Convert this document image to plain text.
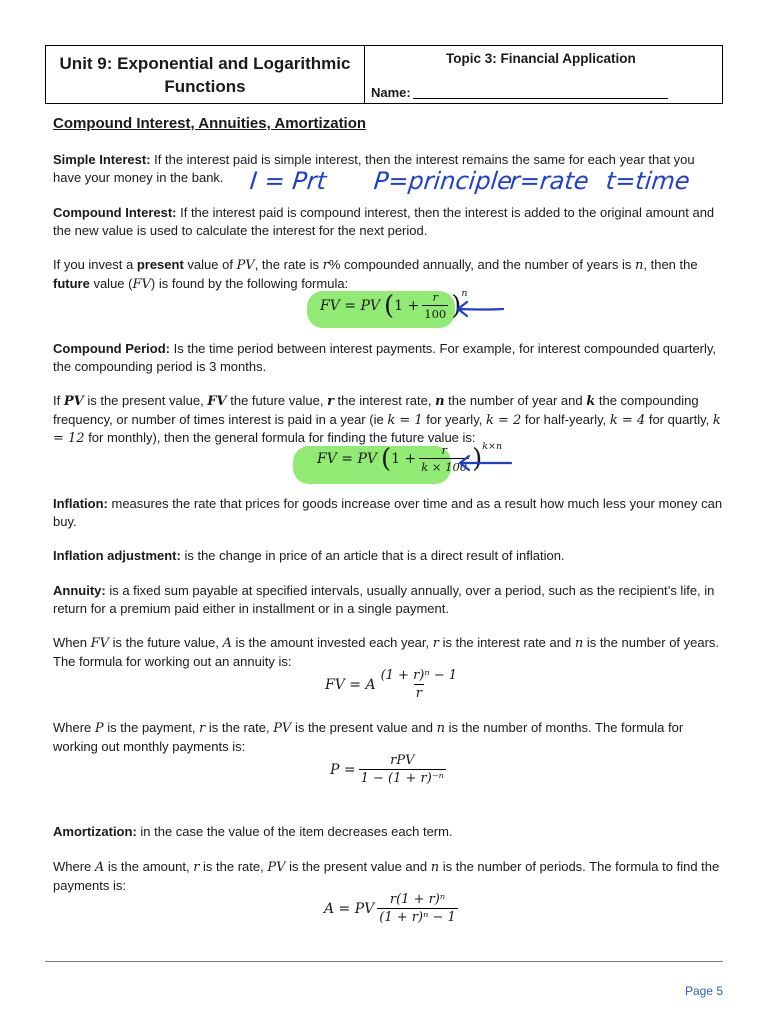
Unit 9: Exponential and Logarithmic Functions
Topic 3: Financial Application
Name:
Compound Interest, Annuities, Amortization
Simple Interest: If the interest paid is simple interest, then the interest remains the same for each year that you have your money in the bank.	I = Prt P=principle
r=rate t=time
Compound Interest: If the interest paid is compound interest, then the interest is added to the original amount and the new value is used to calculate the interest for the next period.
If you invest a present value of PV, the rate is r% compounded annually, and the number of years is n, then the future value (FV) is found by the following formula:
FV = PV ( $1 + \frac{r}{100} )^n$
Compound Period: Is the time period between interest payments. For example, for interest compounded quarterly, the compounding period is 3 months.
If PV is the present value, FV the future value, r the interest rate, n the number of year and k the compounding frequency, or number of times interest is paid in a year (ie k = 1 for yearly, k = 2 for half-yearly, k = 4 for quartly, k = 12 for monthly), then the general formula for finding the future value is:
FV = PV ( $1 + \frac{r}{k \times 100} )^{k\times n}$
Inflation: measures the rate that prices for goods increase over time and as a result how much less your money can buy.
Inflation adjustment: is the change in price of an article that is a direct result of inflation.
Annuity: is a fixed sum payable at specified intervals, usually annually, over a period, such as the recipient’s life, in return for a premium paid either in installment or in a single payment.
When FV is the future value, A is the amount invested each year, r is the interest rate and n is the number of years. The formula for working out an annuity is:
FV = A $\frac{\text{(1 + r)ⁿ − 1}}{r}$
Where P is the payment, r is the rate, PV is the present value and n is the number of months. The formula for working out monthly payments is:
$P = \frac{\text{rPV}}{\text{1 − (1 + r)⁻ⁿ}}$
Amortization: in the case the value of the item decreases each term.
Where A is the amount, r is the rate, PV is the present value and n is the number of periods. The formula to find the payments is:
A = PV $\frac{\text{r(1 + r)ⁿ}}{\text{(1 + r)ⁿ − 1}}$
Page 5
